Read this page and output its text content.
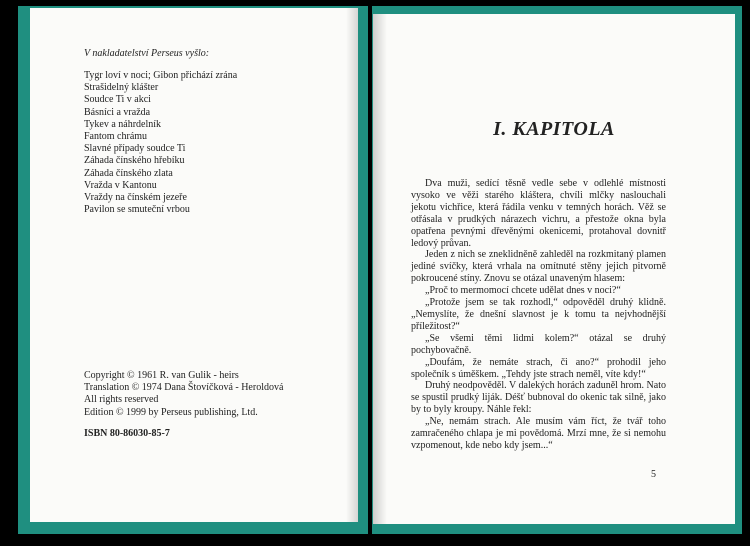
V nakladatelství Perseus vyšlo:
Tygr loví v noci; Gibon přichází zrána
Strašidelný klášter
Soudce Ti v akci
Básníci a vražda
Tykev a náhrdelník
Fantom chrámu
Slavné případy soudce Ti
Záhada čínského hřebíku
Záhada čínského zlata
Vražda v Kantonu
Vraždy na čínském jezeře
Pavilon se smuteční vrbou
Copyright © 1961 R. van Gulik - heirs
Translation © 1974 Dana Štovíčková - Heroldová
All rights reserved
Edition © 1999 by Perseus publishing, Ltd.
ISBN 80-86030-85-7
I. KAPITOLA

Dva muži, sedící těsně vedle sebe v odlehlé místnosti vysoko ve věži starého kláštera, chvíli mlčky naslouchali jekotu vichřice, která řádila venku v temných horách. Věž se otřásala v prudkých nárazech vichru, a přestože okna byla opatřena pevnými dřevěnými okenicemi, protahoval dovnitř ledový průvan.

Jeden z nich se zneklidněně zahleděl na rozkmitaný plamen jediné svíčky, která vrhala na omítnuté stěny jejich pitvorně pokroucené stíny. Znovu se otázal unaveným hlasem:

„Proč to mermomocí chcete udělat dnes v noci?“

„Protože jsem se tak rozhodl,“ odpověděl druhý klidně. „Nemyslíte, že dnešní slavnost je k tomu ta nejvhodnější příležitost?“

„Se všemi těmi lidmi kolem?“ otázal se druhý pochybovačně.

„Doufám, že nemáte strach, či ano?“ prohodil jeho společník s úměškem. „Tehdy jste strach neměl, víte kdy!“

Druhý neodpověděl. V dalekých horách zaduněl hrom. Nato se spustil prudký liják. Déšť bubnoval do okenic tak silně, jako by to byly kroupy. Náhle řekl:

„Ne, nemám strach. Ale musím vám říct, že tvář toho zamračeného chlapa je mi povědomá. Mrzí mne, že si nemohu vzpomenout, kde nebo kdy jsem...“

5
